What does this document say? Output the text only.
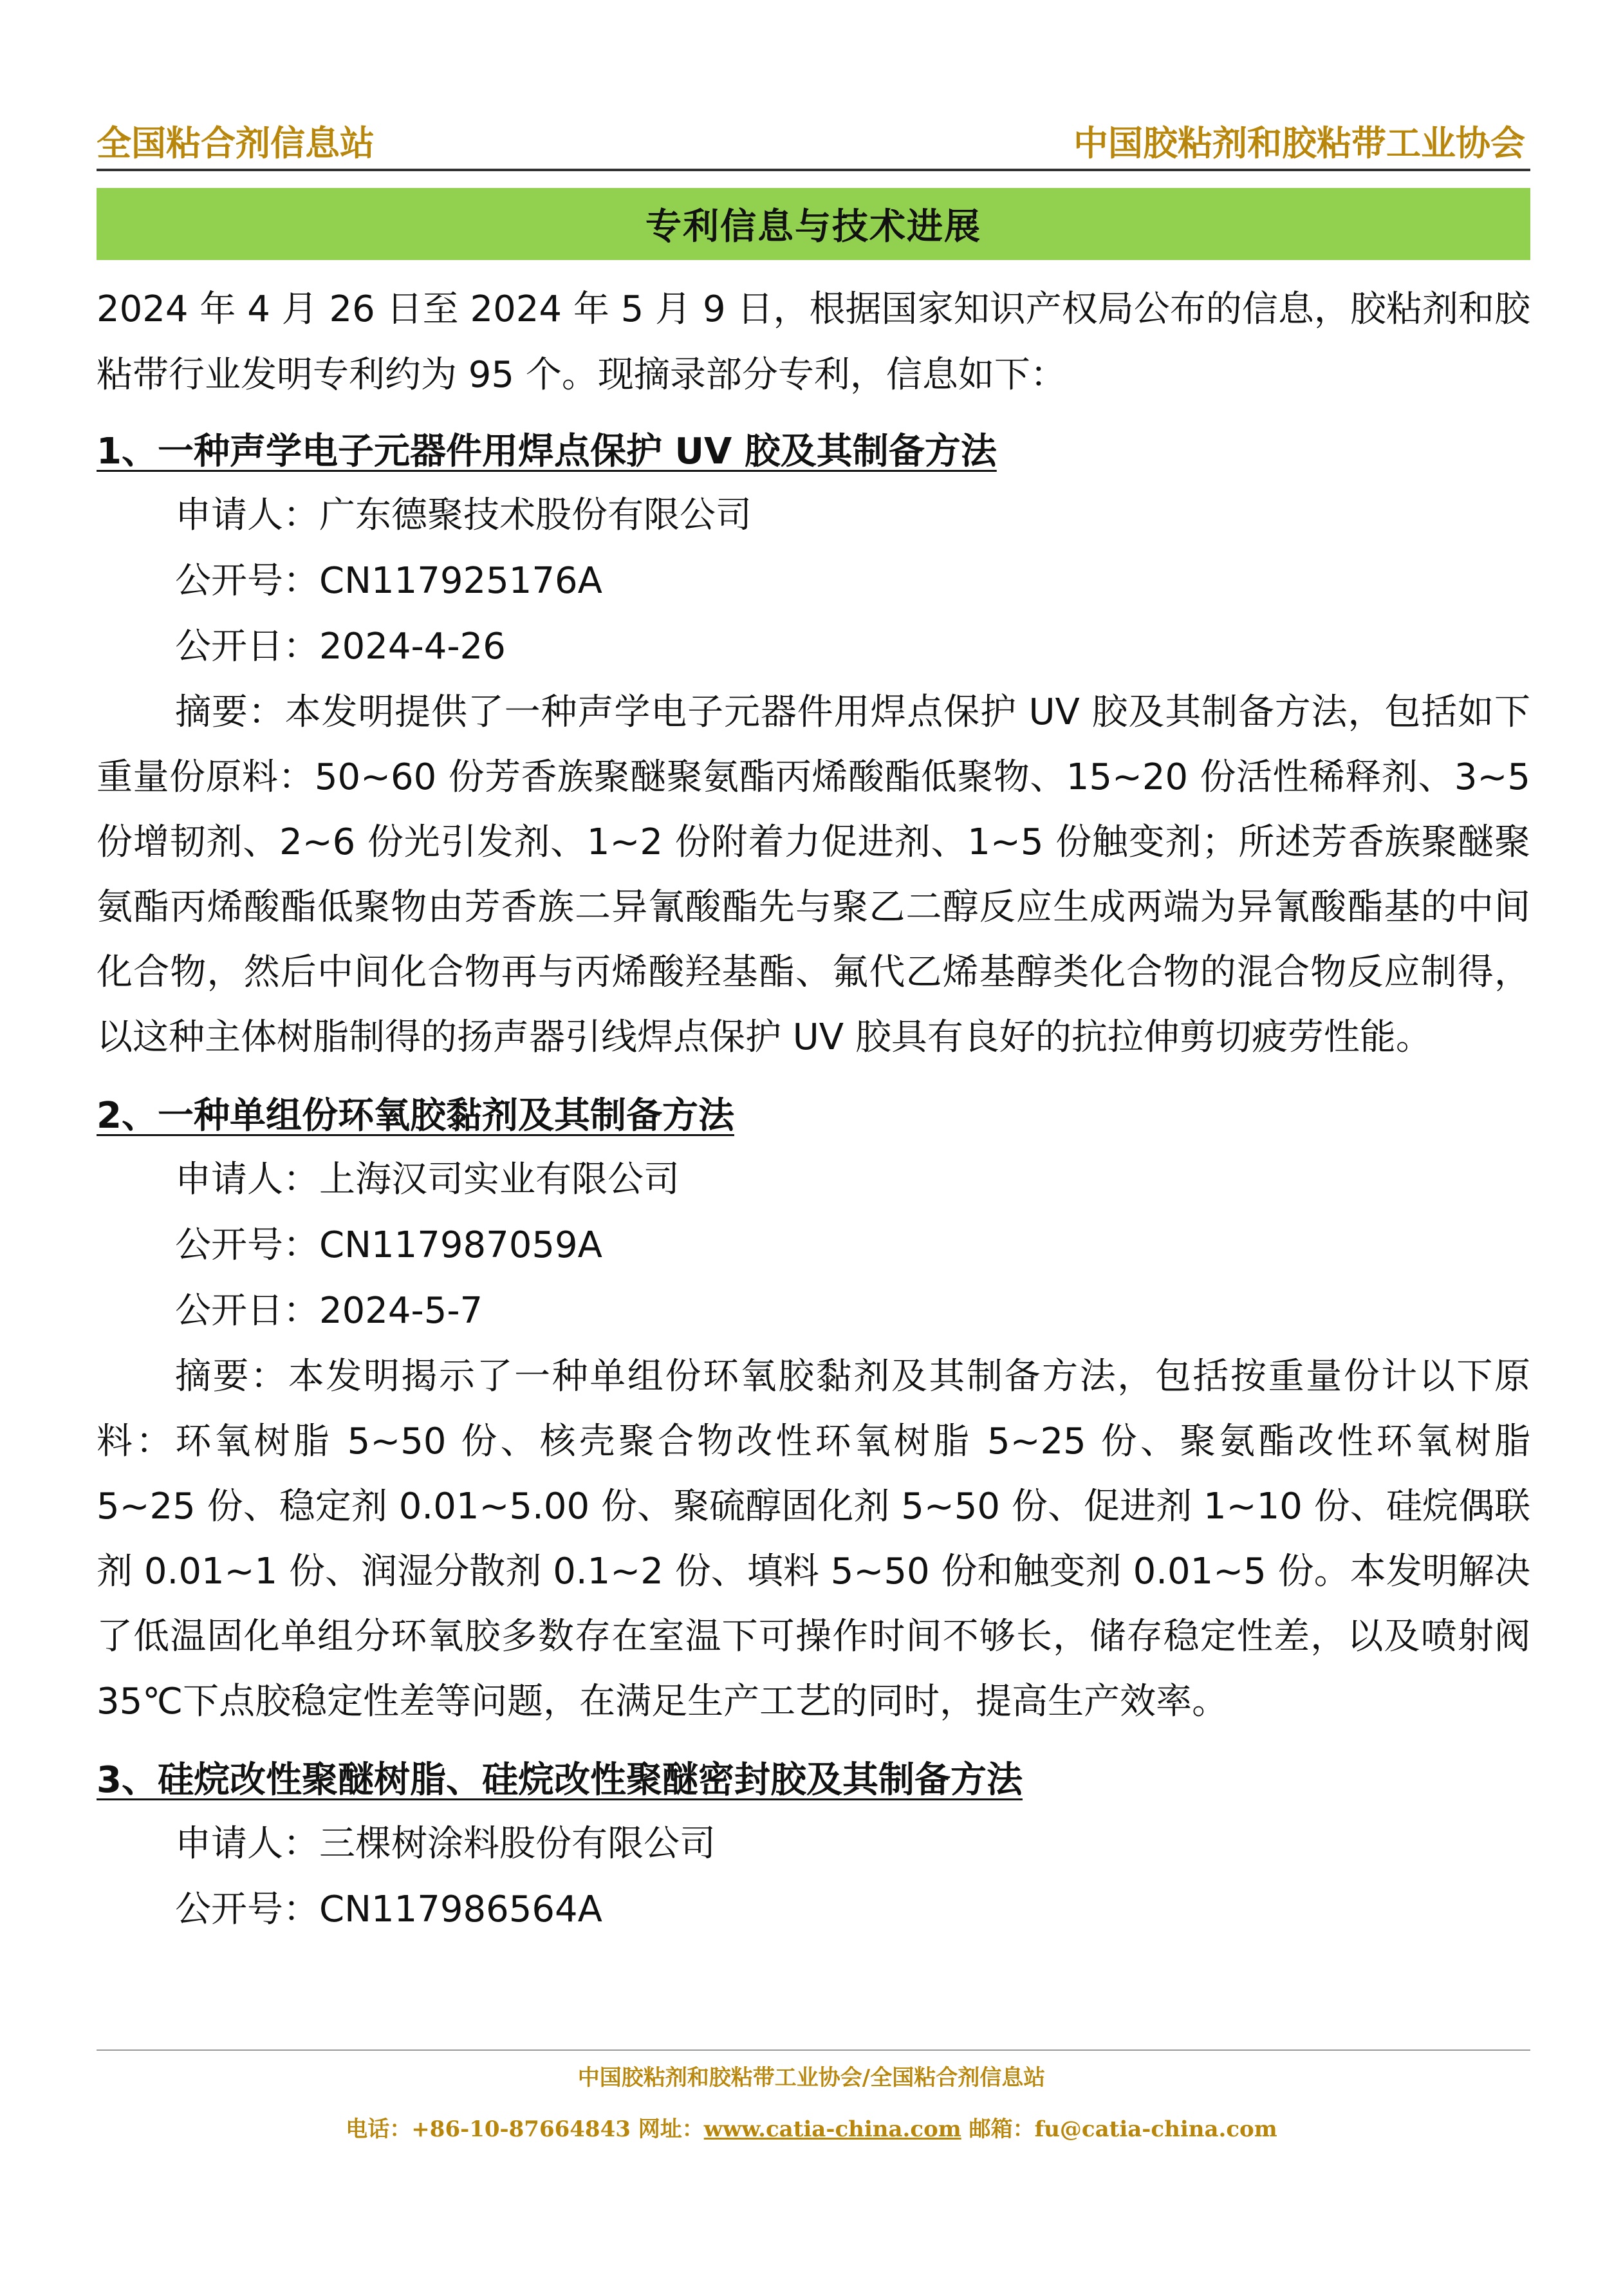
全国粘合剂信息站	中国胶粘剂和胶粘带工业协会
专利信息与技术进展

2024 年 4 月 26 日至 2024 年 5 月 9 日，根据国家知识产权局公布的信息，胶粘剂和胶粘带行业发明专利约为 95 个。现摘录部分专利，信息如下：

1、一种声学电子元器件用焊点保护 UV 胶及其制备方法
申请人：广东德聚技术股份有限公司
公开号：CN117925176A
公开日：2024-4-26

摘要：本发明提供了一种声学电子元器件用焊点保护 UV 胶及其制备方法，包括如下重量份原料：50~60 份芳香族聚醚聚氨酯丙烯酸酯低聚物、15~20 份活性稀释剂、3~5 份增韧剂、2~6 份光引发剂、1~2 份附着力促进剂、1~5 份触变剂；所述芳香族聚醚聚氨酯丙烯酸酯低聚物由芳香族二异氰酸酯先与聚乙二醇反应生成两端为异氰酸酯基的中间化合物，然后中间化合物再与丙烯酸羟基酯、氟代乙烯基醇类化合物的混合物反应制得，以这种主体树脂制得的扬声器引线焊点保护 UV 胶具有良好的抗拉伸剪切疲劳性能。

2、一种单组份环氧胶黏剂及其制备方法
申请人：上海汉司实业有限公司
公开号：CN117987059A
公开日：2024-5-7

摘要：本发明揭示了一种单组份环氧胶黏剂及其制备方法，包括按重量份计以下原料：环氧树脂 5~50 份、核壳聚合物改性环氧树脂 5~25 份、聚氨酯改性环氧树脂 5~25 份、稳定剂 0.01~5.00 份、聚硫醇固化剂 5~50 份、促进剂 1~10 份、硅烷偶联剂 0.01~1 份、润湿分散剂 0.1~2 份、填料 5~50 份和触变剂 0.01~5 份。本发明解决了低温固化单组分环氧胶多数存在室温下可操作时间不够长，储存稳定性差，以及喷射阀 35℃下点胶稳定性差等问题，在满足生产工艺的同时，提高生产效率。

3、硅烷改性聚醚树脂、硅烷改性聚醚密封胶及其制备方法
申请人：三棵树涂料股份有限公司
公开号：CN117986564A
中国胶粘剂和胶粘带工业协会/全国粘合剂信息站
电话：+86-10-87664843 网址：www.catia-china.com 邮箱：fu@catia-china.com
